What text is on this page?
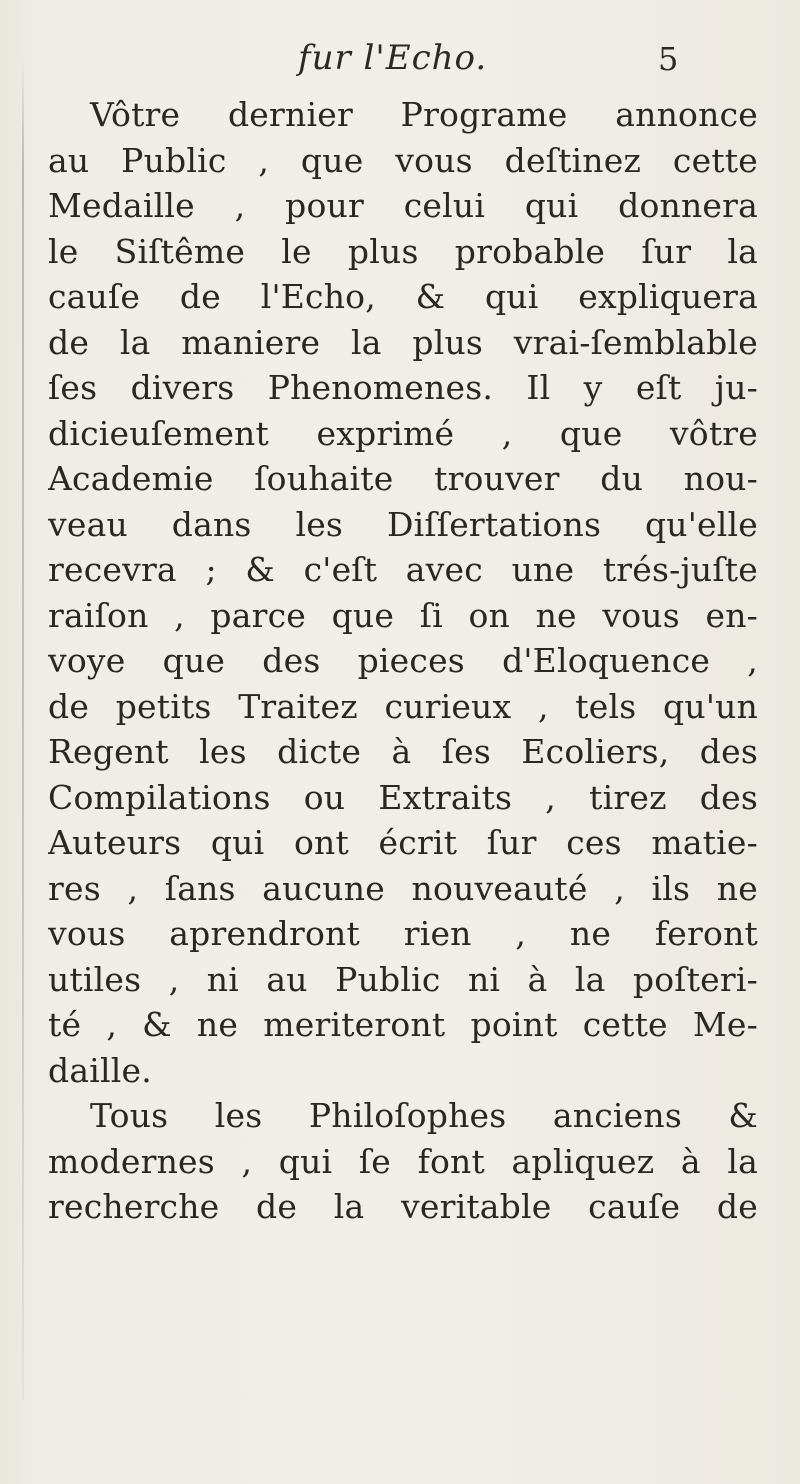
fur l'Echo.	5
Vôtre dernier Programe annonce
au Public , que vous deſtinez cette
Medaille , pour celui qui donnera
le Siſtême le plus probable ſur la
cauſe de l'Echo, & qui expliquera
de la maniere la plus vrai-ſemblable
ſes divers Phenomenes. Il y eſt ju-
dicieuſement exprimé , que vôtre
Academie ſouhaite trouver du nou-
veau dans les Diſſertations qu'elle
recevra ; & c'eſt avec une trés-juſte
raiſon , parce que ſi on ne vous en-
voye que des pieces d'Eloquence ,
de petits Traitez curieux , tels qu'un
Regent les dicte à ſes Ecoliers, des
Compilations ou Extraits , tirez des
Auteurs qui ont écrit ſur ces matie-
res , ſans aucune nouveauté , ils ne
vous aprendront rien , ne feront
utiles , ni au Public ni à la poſteri-
té , & ne meriteront point cette Me-
daille.
Tous les Philoſophes anciens &
modernes , qui ſe font apliquez à la
recherche de la veritable cauſe de
